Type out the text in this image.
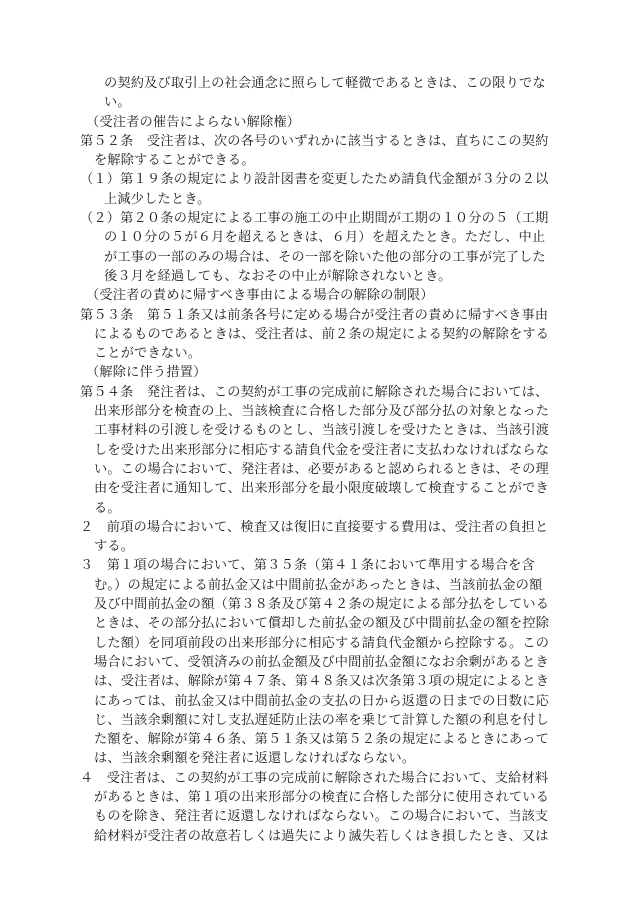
の契約及び取引上の社会通念に照らして軽微であるときは、この限りでな
い。
（受注者の催告によらない解除権）
第５２条　受注者は、次の各号のいずれかに該当するときは、直ちにこの契約
を解除することができる。
（１）第１９条の規定により設計図書を変更したため請負代金額が３分の２以
上減少したとき。
（２）第２０条の規定による工事の施工の中止期間が工期の１０分の５（工期
の１０分の５が６月を超えるときは、６月）を超えたとき。ただし、中止
が工事の一部のみの場合は、その一部を除いた他の部分の工事が完了した
後３月を経過しても、なおその中止が解除されないとき。
（受注者の責めに帰すべき事由による場合の解除の制限）
第５３条　第５１条又は前条各号に定める場合が受注者の責めに帰すべき事由
によるものであるときは、受注者は、前２条の規定による契約の解除をする
ことができない。
（解除に伴う措置）
第５４条　発注者は、この契約が工事の完成前に解除された場合においては、
出来形部分を検査の上、当該検査に合格した部分及び部分払の対象となった
工事材料の引渡しを受けるものとし、当該引渡しを受けたときは、当該引渡
しを受けた出来形部分に相応する請負代金を受注者に支払わなければならな
い。この場合において、発注者は、必要があると認められるときは、その理
由を受注者に通知して、出来形部分を最小限度破壊して検査することができ
る。
２　前項の場合において、検査又は復旧に直接要する費用は、受注者の負担と
する。
３　第１項の場合において、第３５条（第４１条において準用する場合を含
む。）の規定による前払金又は中間前払金があったときは、当該前払金の額
及び中間前払金の額（第３８条及び第４２条の規定による部分払をしている
ときは、その部分払において償却した前払金の額及び中間前払金の額を控除
した額）を同項前段の出来形部分に相応する請負代金額から控除する。この
場合において、受領済みの前払金額及び中間前払金額になお余剰があるとき
は、受注者は、解除が第４７条、第４８条又は次条第３項の規定によるとき
にあっては、前払金又は中間前払金の支払の日から返還の日までの日数に応
じ、当該余剰額に対し支払遅延防止法の率を乗じて計算した額の利息を付し
た額を、解除が第４６条、第５１条又は第５２条の規定によるときにあって
は、当該余剰額を発注者に返還しなければならない。
４　受注者は、この契約が工事の完成前に解除された場合において、支給材料
があるときは、第１項の出来形部分の検査に合格した部分に使用されている
ものを除き、発注者に返還しなければならない。この場合において、当該支
給材料が受注者の故意若しくは過失により滅失若しくはき損したとき、又は
